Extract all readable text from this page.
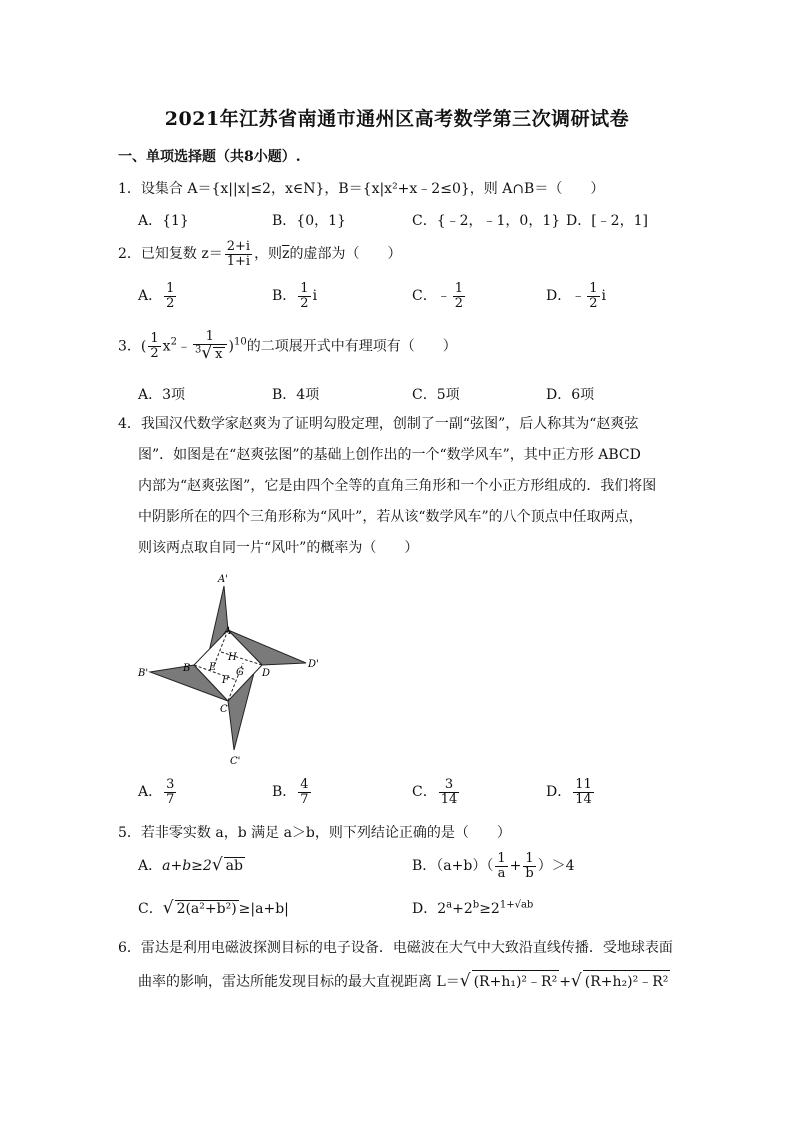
2021年江苏省南通市通州区高考数学第三次调研试卷
一、单项选择题（共8小题）.
1．设集合 A＝{x||x|≤2，x∈N}，B＝{x|x²+x﹣2≤0}，则 A∩B＝（　　）
A．{1}	B．{0，1}	C．{﹣2，﹣1，0，1} D．[﹣2，1]
2．已知复数 $z= \frac{2+i}{1+i}$ ，则$\overline{z}$的虚部为（　　）
A． $\frac{1}{2}$	B． $\frac{1}{2}$ i	C．﹣ $\frac{1}{2}$	D．﹣ $\frac{1}{2}$ i
3．( $\frac{1}{2}$ $x^2﹣ \frac{1}{^3√ x} )^{10}$的二项展开式中有理项有（　　）
A．3项	B．4项	C．5项	D．6项
4．我国汉代数学家赵爽为了证明勾股定理，创制了一副“弦图”，后人称其为“赵爽弦
图”．如图是在“赵爽弦图”的基础上创作出的一个“数学风车”，其中正方形 ABCD
内部为“赵爽弦图”，它是由四个全等的直角三角形和一个小正方形组成的．我们将图
中阴影所在的四个三角形称为“风叶”，若从该“数学风车”的八个顶点中任取两点，
则该两点取自同一片“风叶”的概率为（　　）
A'
A
B'	B E
H
F
G D
D'
C
C'
A． $\frac{3}{7}$	B． $\frac{4}{7}$	C． $\frac{3}{14}$	D． $\frac{11}{14}$
5．若非零实数 a，b 满足 a＞b，则下列结论正确的是（　　）
A．a+b≥2√ ab	B．$(a+b)( \frac{1}{a} + \frac{1}{b} )>4$
C．√ 2(a²+b²) ≥|a+b|	D．$2^a+2^b\ge 2^{1+√ab}$
6．雷达是利用电磁波探测目标的电子设备．电磁波在大气中大致沿直线传播．受地球表面
曲率的影响，雷达所能发现目标的最大直视距离 L＝√ (R+h₁)²﹣R² +√ (R+h₂)²﹣R²
